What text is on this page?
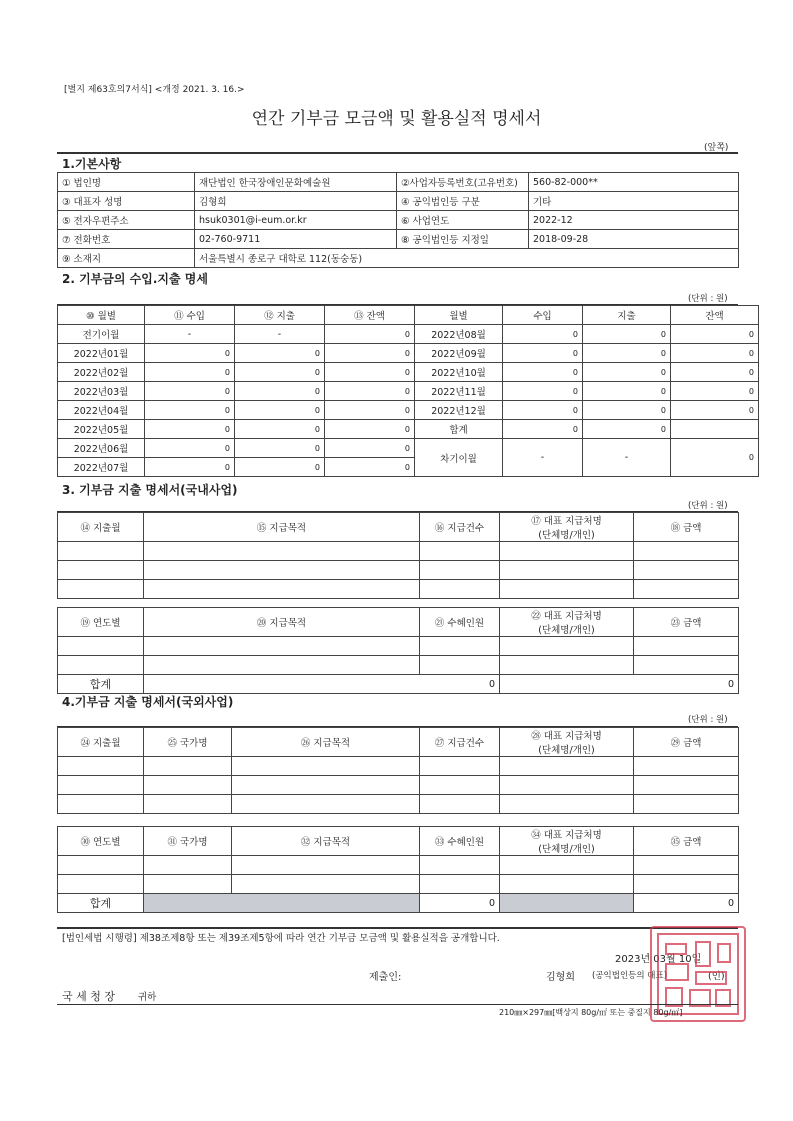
[별지 제63호의7서식] <개정 2021. 3. 16.>
연간 기부금 모금액 및 활용실적 명세서
(앞쪽)
1.기본사항
① 법인명	재단법인 한국장애인문화예술원	②사업자등록번호(고유번호)	560-82-000**
③ 대표자 성명	김형희	④ 공익법인등 구분	기타
⑤ 전자우편주소	hsuk0301@i-eum.or.kr	⑥ 사업연도	2022-12
⑦ 전화번호	02-760-9711	⑧ 공익법인등 지정일	2018-09-28
⑨ 소재지	서울특별시 종로구 대학로 112(동숭동)		
2. 기부금의 수입.지출 명세
(단위 : 원)
⑩ 월별	⑪ 수입	⑫ 지출	⑬ 잔액	월별	수입	지출	잔액
전기이월	-	-	0	2022년08월	0	0	0
2022년01월	0	0	0	2022년09월	0	0	0
2022년02월	0	0	0	2022년10월	0	0	0
2022년03월	0	0	0	2022년11월	0	0	0
2022년04월	0	0	0	2022년12월	0	0	0
2022년05월	0	0	0	합계	0	0	
2022년06월	0	0	0	차기이월	-	-	0
2022년07월	0	0	0				
3. 기부금 지출 명세서(국내사업)
(단위 : 원)
⑭ 지출월	⑮ 지급목적	⑯ 지급건수	⑰ 대표 지급처명
(단체명/개인)	⑱ 금액

⑲ 연도별	⑳ 지급목적	㉑ 수혜인원	㉒ 대표 지급처명
(단체명/개인)	㉓ 금액

합계	0		0	
4.기부금 지출 명세서(국외사업)
(단위 : 원)
㉔ 지출월	㉕ 국가명	㉖ 지급목적	㉗ 지급건수	㉘ 대표 지급처명
(단체명/개인)	㉙ 금액

㉚ 연도별	㉛ 국가명	㉜ 지급목적	㉝ 수혜인원	㉞ 대표 지급처명
(단체명/개인)	㉟ 금액

합계			0		0
[법인세법 시행령] 제38조제8항 또는 제39조제5항에 따라 연간 기부금 모금액 및 활용실적을 공개합니다.
2023년 03월 10일
제출인:	김형희 (공익법인등의 대표)	(인)
국 세 청 장 귀하
210㎜×297㎜[백상지 80g/㎡ 또는 중질지 80g/㎡]
